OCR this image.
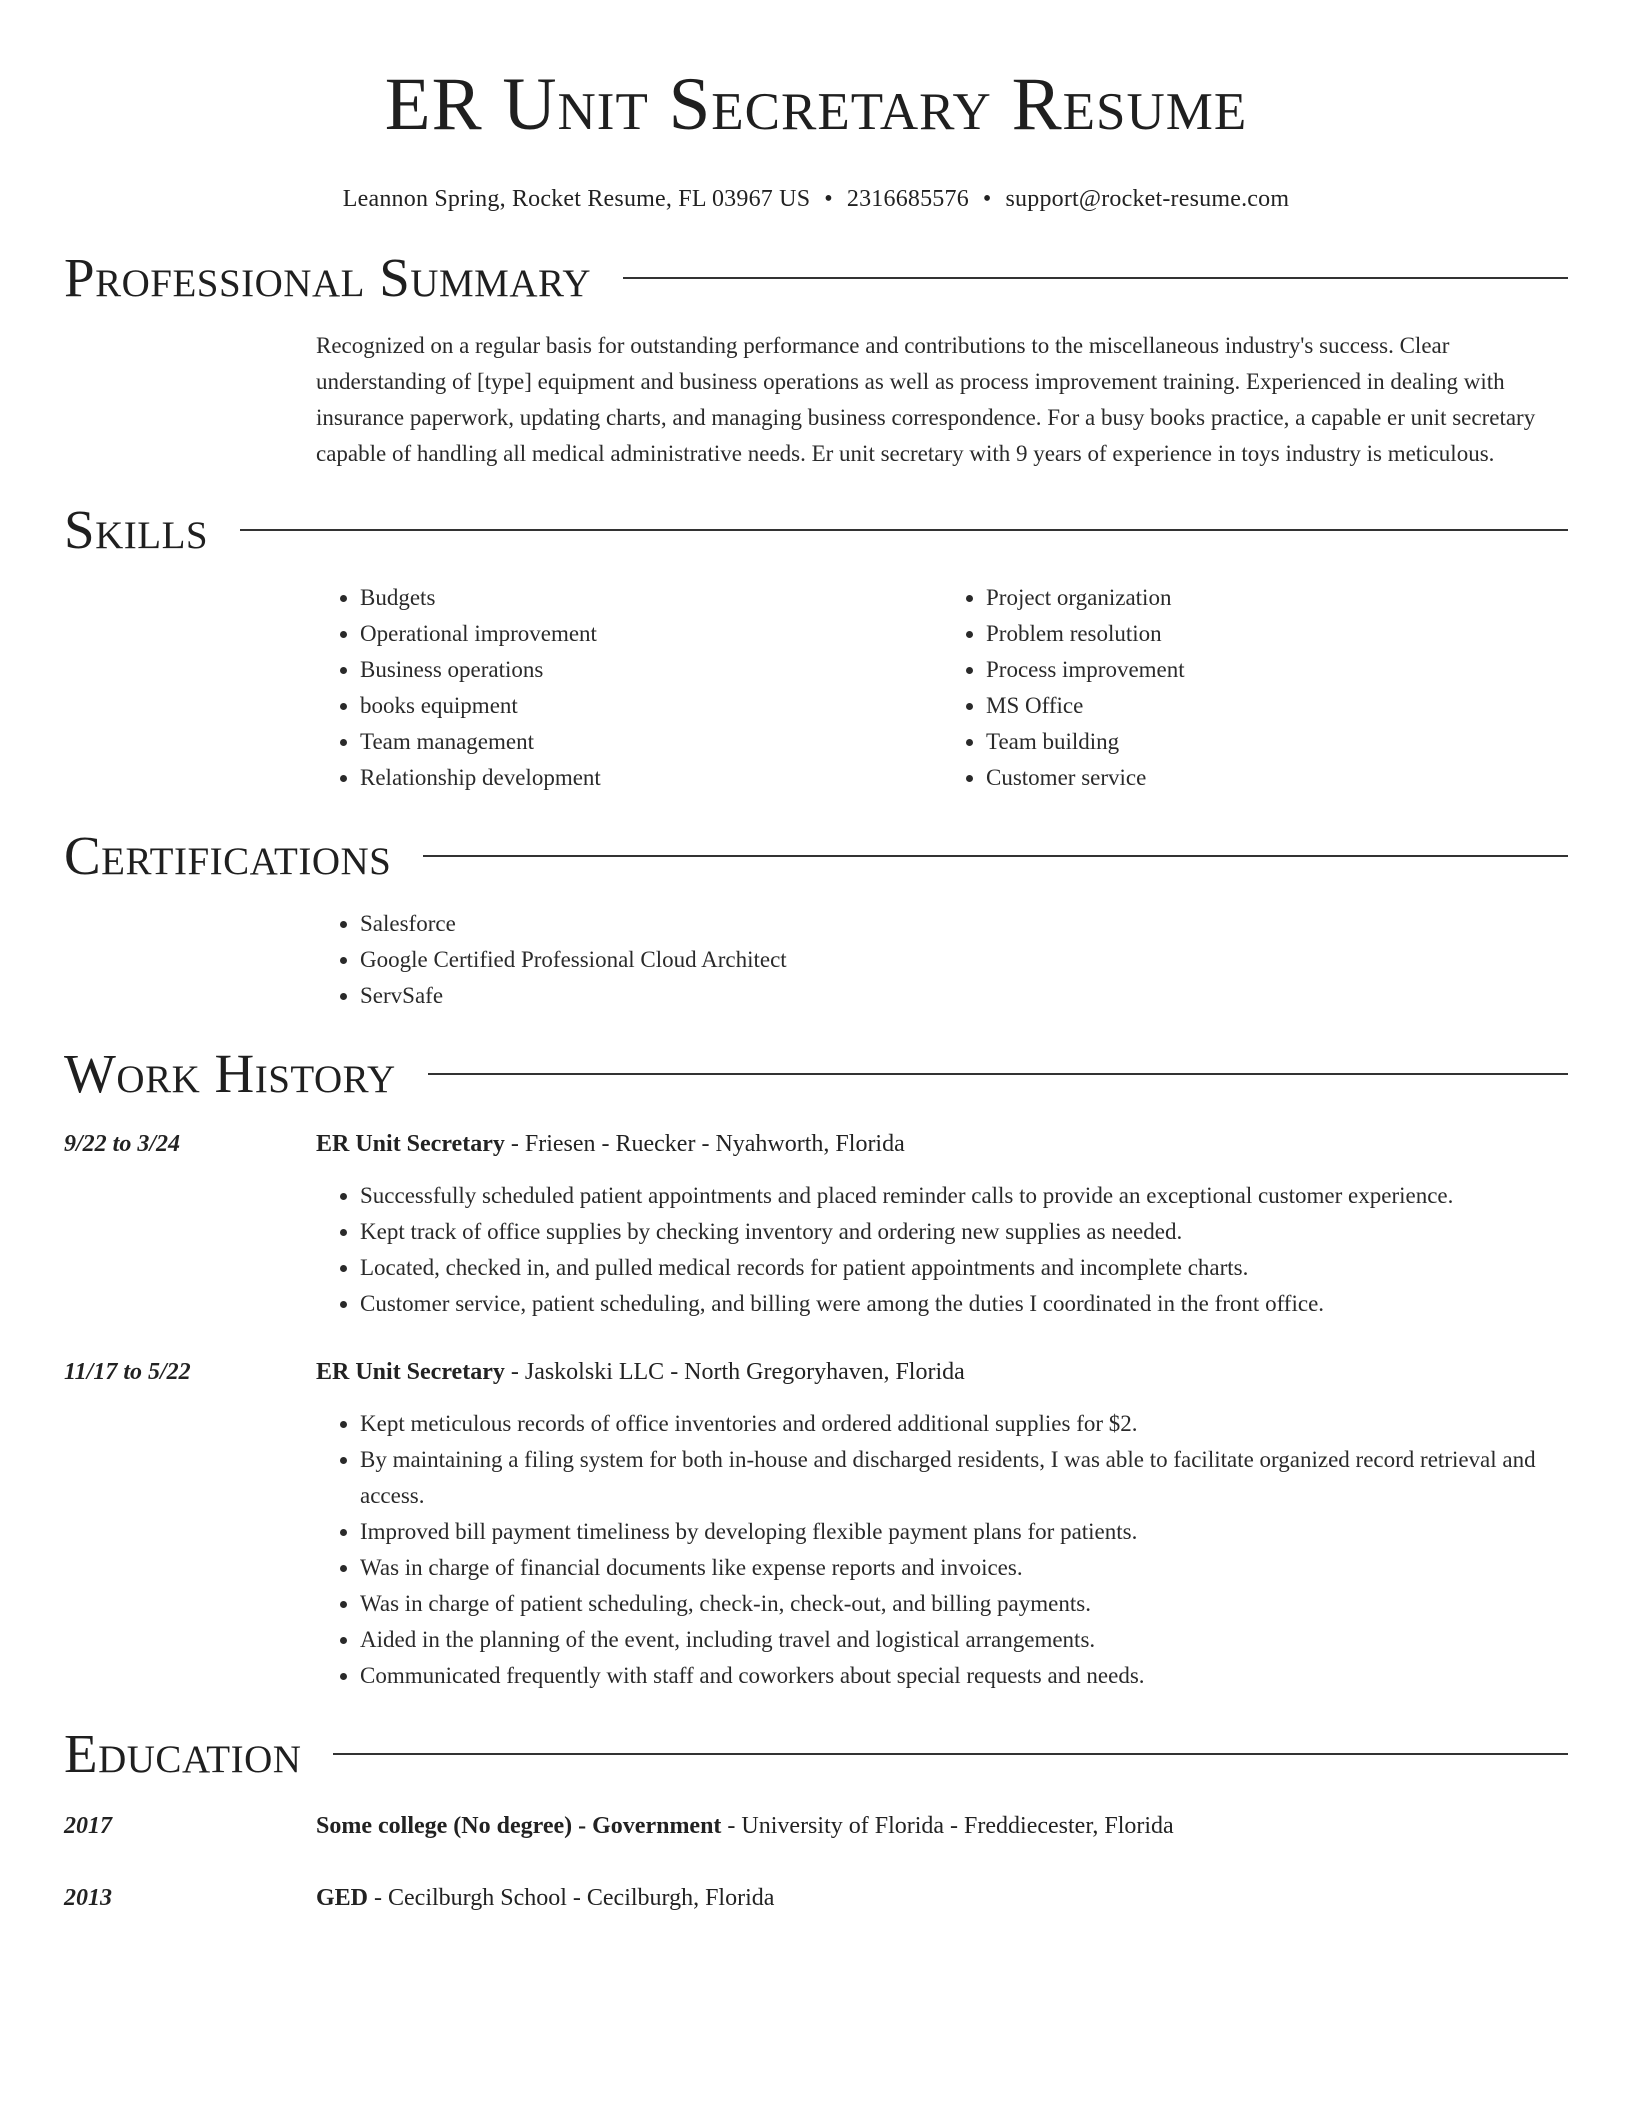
ER Unit Secretary Resume
Leannon Spring, Rocket Resume, FL 03967 US • 2316685576 • support@rocket-resume.com
Professional Summary
Recognized on a regular basis for outstanding performance and contributions to the miscellaneous industry's success. Clear understanding of [type] equipment and business operations as well as process improvement training. Experienced in dealing with insurance paperwork, updating charts, and managing business correspondence. For a busy books practice, a capable er unit secretary capable of handling all medical administrative needs. Er unit secretary with 9 years of experience in toys industry is meticulous.
Skills
• Budgets
• Operational improvement
• Business operations
• books equipment
• Team management
• Relationship development
• Project organization
• Problem resolution
• Process improvement
• MS Office
• Team building
• Customer service
Certifications
• Salesforce
• Google Certified Professional Cloud Architect
• ServSafe
Work History
9/22 to 3/24	ER Unit Secretary - Friesen - Ruecker - Nyahworth, Florida
• Successfully scheduled patient appointments and placed reminder calls to provide an exceptional customer experience.
• Kept track of office supplies by checking inventory and ordering new supplies as needed.
• Located, checked in, and pulled medical records for patient appointments and incomplete charts.
• Customer service, patient scheduling, and billing were among the duties I coordinated in the front office.
11/17 to 5/22	ER Unit Secretary - Jaskolski LLC - North Gregoryhaven, Florida
• Kept meticulous records of office inventories and ordered additional supplies for $2.
• By maintaining a filing system for both in-house and discharged residents, I was able to facilitate organized record retrieval and access.
• Improved bill payment timeliness by developing flexible payment plans for patients.
• Was in charge of financial documents like expense reports and invoices.
• Was in charge of patient scheduling, check-in, check-out, and billing payments.
• Aided in the planning of the event, including travel and logistical arrangements.
• Communicated frequently with staff and coworkers about special requests and needs.
Education
2017	Some college (No degree) - Government - University of Florida - Freddiecester, Florida
2013	GED - Cecilburgh School - Cecilburgh, Florida
